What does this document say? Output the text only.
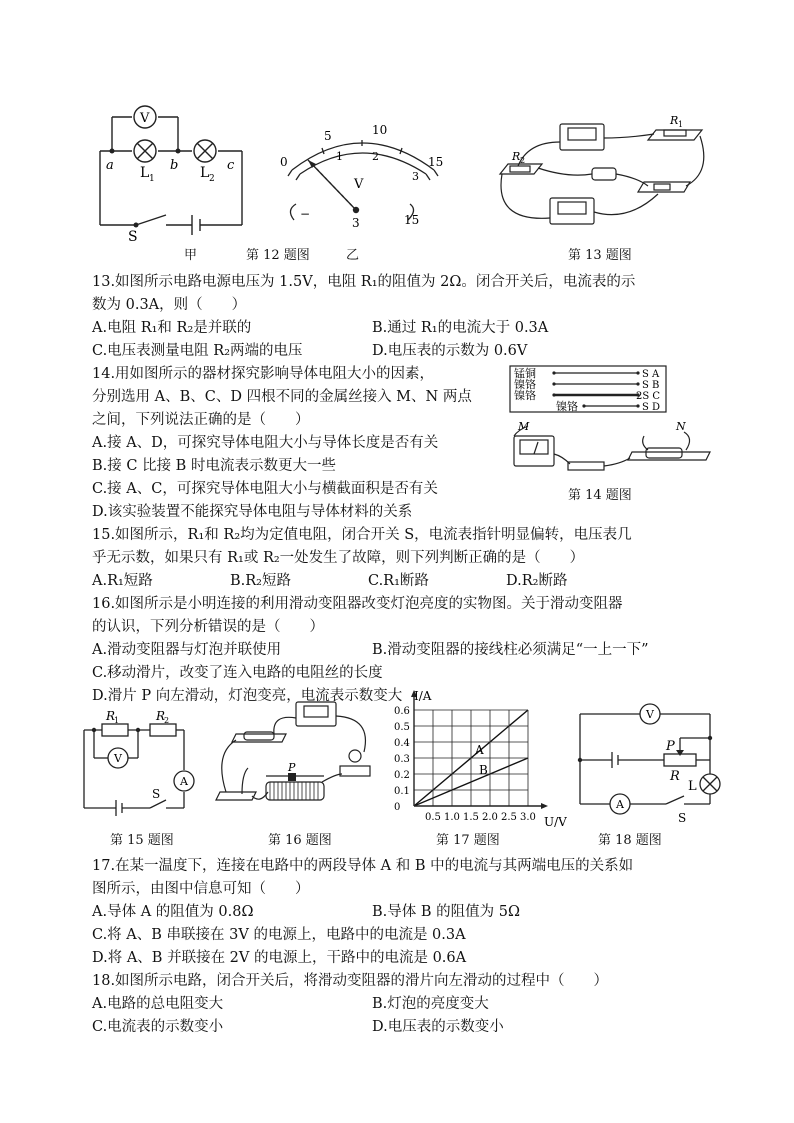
V
a	b	c
L 1	L 2
S
0
5	10
15
1	2
3
V
−
3	15
R 1
R 2
甲	第 12 题图	乙	第 13 题图
13.如图所示电路电源电压为 1.5V，电阻 R₁的阻值为 2Ω。闭合开关后，电流表的示
数为 0.3A，则（　　）
A.电阻 R₁和 R₂是并联的	B.通过 R₁的电流大于 0.3A
C.电压表测量电阻 R₂两端的电压	D.电压表的示数为 0.6V
14.用如图所示的器材探究影响导体电阻大小的因素，
分别选用 A、B、C、D 四根不同的金属丝接入 M、N 两点
之间，下列说法正确的是（　　）
A.接 A、D，可探究导体电阻大小与导体长度是否有关
B.接 C 比接 B 时电流表示数更大一些
C.接 A、C，可探究导体电阻大小与横截面积是否有关
D.该实验装置不能探究导体电阻与导体材料的关系
锰铜
镍铬
镍铬
镍铬
S A
S B
2S C
S D
M	N
第 14 题图
15.如图所示，R₁和 R₂均为定值电阻，闭合开关 S，电流表指针明显偏转，电压表几
乎无示数，如果只有 R₁或 R₂一处发生了故障，则下列判断正确的是（　　）
A.R₁短路	B.R₂短路	C.R₁断路	D.R₂断路
16.如图所示是小明连接的利用滑动变阻器改变灯泡亮度的实物图。关于滑动变阻器
的认识，下列分析错误的是（　　）
A.滑动变阻器与灯泡并联使用	B.滑动变阻器的接线柱必须满足“一上一下”
C.移动滑片，改变了连入电路的电阻丝的长度
D.滑片 P 向左滑动，灯泡变亮，电流表示数变大
R
1	R
2
V
A
S
第 15 题图
P
第 16 题图
0.6
0.5
0.4
0.3
0.2
0.1
0
3.0
2.5
2.0
1.5
1.0
0.5
I/A
U/V
A
B
第 17 题图
V
P
R
L
A
S
第 18 题图
17.在某一温度下，连接在电路中的两段导体 A 和 B 中的电流与其两端电压的关系如
图所示，由图中信息可知（　　）
A.导体 A 的阻值为 0.8Ω	B.导体 B 的阻值为 5Ω
C.将 A、B 串联接在 3V 的电源上，电路中的电流是 0.3A
D.将 A、B 并联接在 2V 的电源上，干路中的电流是 0.6A
18.如图所示电路，闭合开关后，将滑动变阻器的滑片向左滑动的过程中（　　）
A.电路的总电阻变大	B.灯泡的亮度变大
C.电流表的示数变小	D.电压表的示数变小
